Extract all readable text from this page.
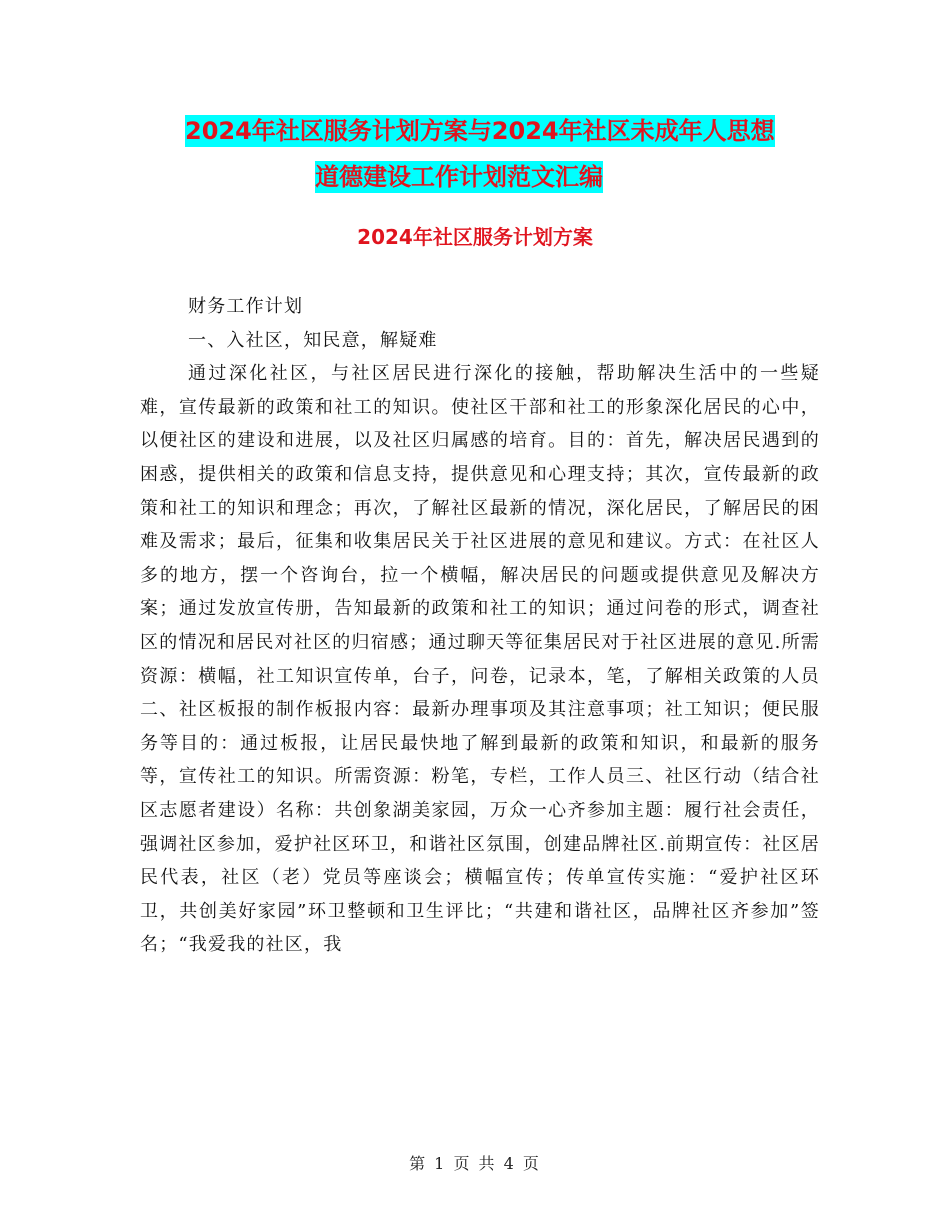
2024年社区服务计划方案与2024年社区未成年人思想
道德建设工作计划范文汇编
2024年社区服务计划方案

财务工作计划

一、入社区，知民意，解疑难

通过深化社区，与社区居民进行深化的接触，帮助解决生活中的一些疑难，宣传最新的政策和社工的知识。使社区干部和社工的形象深化居民的心中，以便社区的建设和进展，以及社区归属感的培育。目的：首先，解决居民遇到的困惑，提供相关的政策和信息支持，提供意见和心理支持；其次，宣传最新的政策和社工的知识和理念；再次，了解社区最新的情况，深化居民，了解居民的困难及需求；最后，征集和收集居民关于社区进展的意见和建议。方式：在社区人多的地方，摆一个咨询台，拉一个横幅，解决居民的问题或提供意见及解决方案；通过发放宣传册，告知最新的政策和社工的知识；通过问卷的形式，调查社区的情况和居民对社区的归宿感；通过聊天等征集居民对于社区进展的意见.所需资源：横幅，社工知识宣传单，台子，问卷，记录本，笔，了解相关政策的人员二、社区板报的制作板报内容：最新办理事项及其注意事项；社工知识；便民服务等目的：通过板报，让居民最快地了解到最新的政策和知识，和最新的服务等，宣传社工的知识。所需资源：粉笔，专栏，工作人员三、社区行动（结合社区志愿者建设）名称：共创象湖美家园，万众一心齐参加主题：履行社会责任，强调社区参加，爱护社区环卫，和谐社区氛围，创建品牌社区.前期宣传：社区居民代表，社区（老）党员等座谈会；横幅宣传；传单宣传实施：“爱护社区环卫，共创美好家园”环卫整顿和卫生评比；“共建和谐社区，品牌社区齐参加”签名；“我爱我的社区，我

第 1 页 共 4 页
